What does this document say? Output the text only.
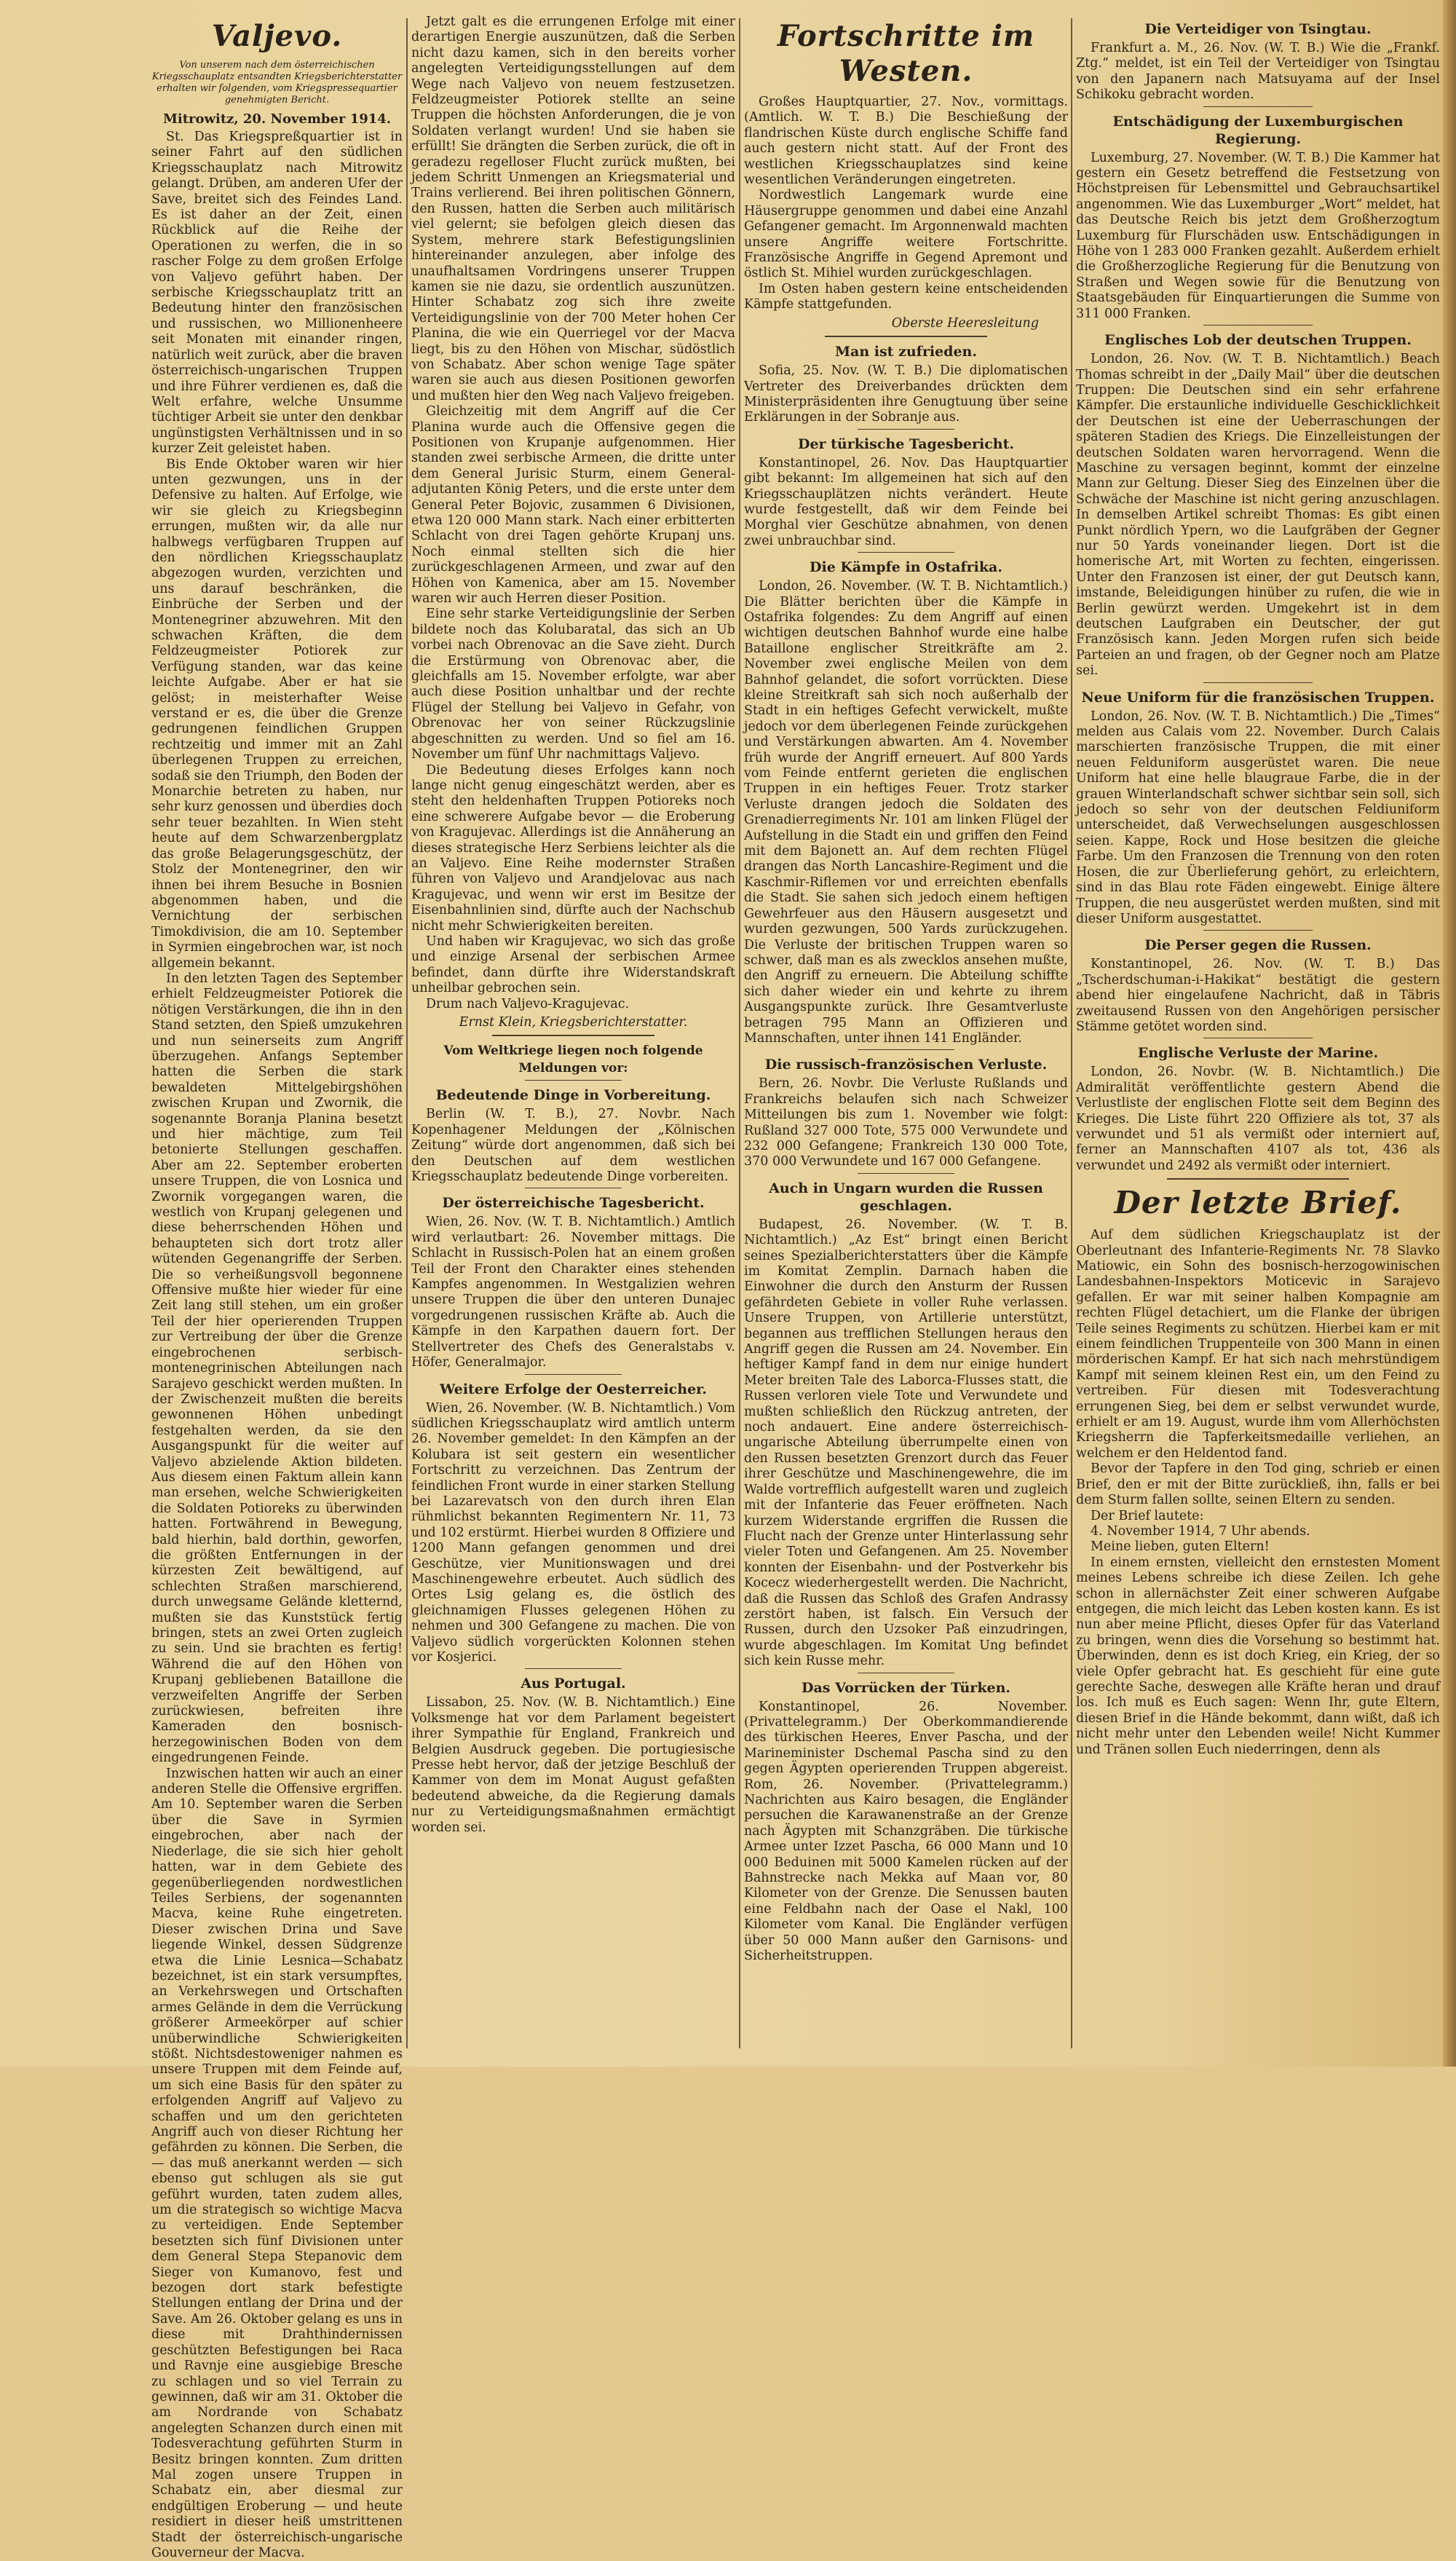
Valjevo.
Von unserem nach dem österreichischen Kriegsschauplatz entsandten Kriegsberichterstatter erhalten wir folgenden, vom Kriegspressequartier genehmigten Bericht.
Mitrowitz, 20. November 1914.

St. Das Kriegspreßquartier ist in seiner Fahrt auf den südlichen Kriegsschauplatz nach Mitrowitz gelangt. Drüben, am anderen Ufer der Save, breitet sich des Feindes Land. Es ist daher an der Zeit, einen Rückblick auf die Reihe der Operationen zu werfen, die in so rascher Folge zu dem großen Erfolge von Valjevo geführt haben. Der serbische Kriegsschauplatz tritt an Bedeutung hinter den französischen und russischen, wo Millionenheere seit Monaten mit einander ringen, natürlich weit zurück, aber die braven österreichisch-ungarischen Truppen und ihre Führer verdienen es, daß die Welt erfahre, welche Unsumme tüchtiger Arbeit sie unter den denkbar ungünstigsten Verhältnissen und in so kurzer Zeit geleistet haben.

Bis Ende Oktober waren wir hier unten gezwungen, uns in der Defensive zu halten. Auf Erfolge, wie wir sie gleich zu Kriegsbeginn errungen, mußten wir, da alle nur halbwegs verfügbaren Truppen auf den nördlichen Kriegsschauplatz abgezogen wurden, verzichten und uns darauf beschränken, die Einbrüche der Serben und der Montenegriner abzuwehren. Mit den schwachen Kräften, die dem Feldzeugmeister Potiorek zur Verfügung standen, war das keine leichte Aufgabe. Aber er hat sie gelöst; in meisterhafter Weise verstand er es, die über die Grenze gedrungenen feindlichen Gruppen rechtzeitig und immer mit an Zahl überlegenen Truppen zu erreichen, sodaß sie den Triumph, den Boden der Monarchie betreten zu haben, nur sehr kurz genossen und überdies doch sehr teuer bezahlten. In Wien steht heute auf dem Schwarzenbergplatz das große Belagerungsgeschütz, der Stolz der Montenegriner, den wir ihnen bei ihrem Besuche in Bosnien abgenommen haben, und die Vernichtung der serbischen Timokdivision, die am 10. September in Syrmien eingebrochen war, ist noch allgemein bekannt.

In den letzten Tagen des September erhielt Feldzeugmeister Potiorek die nötigen Verstärkungen, die ihn in den Stand setzten, den Spieß umzukehren und nun seinerseits zum Angriff überzugehen. Anfangs September hatten die Serben die stark bewaldeten Mittelgebirgshöhen zwischen Krupan und Zwornik, die sogenannte Boranja Planina besetzt und hier mächtige, zum Teil betonierte Stellungen geschaffen. Aber am 22. September eroberten unsere Truppen, die von Losnica und Zwornik vorgegangen waren, die westlich von Krupanj gelegenen und diese beherrschenden Höhen und behaupteten sich dort trotz aller wütenden Gegenangriffe der Serben. Die so verheißungsvoll begonnene Offensive mußte hier wieder für eine Zeit lang still stehen, um ein großer Teil der hier operierenden Truppen zur Vertreibung der über die Grenze eingebrochenen serbisch-montenegrinischen Abteilungen nach Sarajevo geschickt werden mußten. In der Zwischenzeit mußten die bereits gewonnenen Höhen unbedingt festgehalten werden, da sie den Ausgangspunkt für die weiter auf Valjevo abzielende Aktion bildeten. Aus diesem einen Faktum allein kann man ersehen, welche Schwierigkeiten die Soldaten Potioreks zu überwinden hatten. Fortwährend in Bewegung, bald hierhin, bald dorthin, geworfen, die größten Entfernungen in der kürzesten Zeit bewältigend, auf schlechten Straßen marschierend, durch unwegsame Gelände kletternd, mußten sie das Kunststück fertig bringen, stets an zwei Orten zugleich zu sein. Und sie brachten es fertig! Während die auf den Höhen von Krupanj gebliebenen Bataillone die verzweifelten Angriffe der Serben zurückwiesen, befreiten ihre Kameraden den bosnisch-herzegowinischen Boden von dem eingedrungenen Feinde.

Inzwischen hatten wir auch an einer anderen Stelle die Offensive ergriffen. Am 10. September waren die Serben über die Save in Syrmien eingebrochen, aber nach der Niederlage, die sie sich hier geholt hatten, war in dem Gebiete des gegenüberliegenden nordwestlichen Teiles Serbiens, der sogenannten Macva, keine Ruhe eingetreten. Dieser zwischen Drina und Save liegende Winkel, dessen Südgrenze etwa die Linie Lesnica—Schabatz bezeichnet, ist ein stark versumpftes, an Verkehrswegen und Ortschaften armes Gelände in dem die Verrückung größerer Armeekörper auf schier unüberwindliche Schwierigkeiten stößt. Nichtsdestoweniger nahmen es unsere Truppen mit dem Feinde auf, um sich eine Basis für den später zu erfolgenden Angriff auf Valjevo zu schaffen und um den gerichteten Angriff auch von dieser Richtung her gefährden zu können. Die Serben, die — das muß anerkannt werden — sich ebenso gut schlugen als sie gut geführt wurden, taten zudem alles, um die strategisch so wichtige Macva zu verteidigen. Ende September besetzten sich fünf Divisionen unter dem General Stepa Stepanovic dem Sieger von Kumanovo, fest und bezogen dort stark befestigte Stellungen entlang der Drina und der Save. Am 26. Oktober gelang es uns in diese mit Drahthindernissen geschützten Befestigungen bei Raca und Ravnje eine ausgiebige Bresche zu schlagen und so viel Terrain zu gewinnen, daß wir am 31. Oktober die am Nordrande von Schabatz angelegten Schanzen durch einen mit Todesverachtung geführten Sturm in Besitz bringen konnten. Zum dritten Mal zogen unsere Truppen in Schabatz ein, aber diesmal zur endgültigen Eroberung — und heute residiert in dieser heiß umstrittenen Stadt der österreichisch-ungarische Gouverneur der Macva.

Jetzt galt es die errungenen Erfolge mit einer derartigen Energie auszunützen, daß die Serben nicht dazu kamen, sich in den bereits vorher angelegten Verteidigungsstellungen auf dem Wege nach Valjevo von neuem festzusetzen. Feldzeugmeister Potiorek stellte an seine Truppen die höchsten Anforderungen, die je von Soldaten verlangt wurden! Und sie haben sie erfüllt! Sie drängten die Serben zurück, die oft in geradezu regelloser Flucht zurück mußten, bei jedem Schritt Unmengen an Kriegsmaterial und Trains verlierend. Bei ihren politischen Gönnern, den Russen, hatten die Serben auch militärisch viel gelernt; sie befolgen gleich diesen das System, mehrere stark Befestigungslinien hintereinander anzulegen, aber infolge des unaufhaltsamen Vordringens unserer Truppen kamen sie nie dazu, sie ordentlich auszunützen. Hinter Schabatz zog sich ihre zweite Verteidigungslinie von der 700 Meter hohen Cer Planina, die wie ein Querriegel vor der Macva liegt, bis zu den Höhen von Mischar, südöstlich von Schabatz. Aber schon wenige Tage später waren sie auch aus diesen Positionen geworfen und mußten hier den Weg nach Valjevo freigeben.

Gleichzeitig mit dem Angriff auf die Cer Planina wurde auch die Offensive gegen die Positionen von Krupanje aufgenommen. Hier standen zwei serbische Armeen, die dritte unter dem General Jurisic Sturm, einem General-adjutanten König Peters, und die erste unter dem General Peter Bojovic, zusammen 6 Divisionen, etwa 120 000 Mann stark. Nach einer erbitterten Schlacht von drei Tagen gehörte Krupanj uns. Noch einmal stellten sich die hier zurückgeschlagenen Armeen, und zwar auf den Höhen von Kamenica, aber am 15. November waren wir auch Herren dieser Position.

Eine sehr starke Verteidigungslinie der Serben bildete noch das Kolubaratal, das sich an Ub vorbei nach Obrenovac an die Save zieht. Durch die Erstürmung von Obrenovac aber, die gleichfalls am 15. November erfolgte, war aber auch diese Position unhaltbar und der rechte Flügel der Stellung bei Valjevo in Gefahr, von Obrenovac her von seiner Rückzugslinie abgeschnitten zu werden. Und so fiel am 16. November um fünf Uhr nachmittags Valjevo.

Die Bedeutung dieses Erfolges kann noch lange nicht genug eingeschätzt werden, aber es steht den heldenhaften Truppen Potioreks noch eine schwerere Aufgabe bevor — die Eroberung von Kragujevac. Allerdings ist die Annäherung an dieses strategische Herz Serbiens leichter als die an Valjevo. Eine Reihe modernster Straßen führen von Valjevo und Arandjelovac aus nach Kragujevac, und wenn wir erst im Besitze der Eisenbahnlinien sind, dürfte auch der Nachschub nicht mehr Schwierigkeiten bereiten.

Und haben wir Kragujevac, wo sich das große und einzige Arsenal der serbischen Armee befindet, dann dürfte ihre Widerstandskraft unheilbar gebrochen sein.

Drum nach Valjevo-Kragujevac.

Ernst Klein, Kriegsberichterstatter.
Vom Weltkriege liegen noch folgende Meldungen vor:
Bedeutende Dinge in Vorbereitung.

Berlin (W. T. B.), 27. Novbr. Nach Kopenhagener Meldungen der „Kölnischen Zeitung“ würde dort angenommen, daß sich bei den Deutschen auf dem westlichen Kriegsschauplatz bedeutende Dinge vorbereiten.

Der österreichische Tagesbericht.

Wien, 26. Nov. (W. T. B. Nichtamtlich.) Amtlich wird verlautbart: 26. November mittags. Die Schlacht in Russisch-Polen hat an einem großen Teil der Front den Charakter eines stehenden Kampfes angenommen. In Westgalizien wehren unsere Truppen die über den unteren Dunajec vorgedrungenen russischen Kräfte ab. Auch die Kämpfe in den Karpathen dauern fort. Der Stellvertreter des Chefs des Generalstabs v. Höfer, Generalmajor.

Weitere Erfolge der Oesterreicher.

Wien, 26. November. (W. B. Nichtamtlich.) Vom südlichen Kriegsschauplatz wird amtlich unterm 26. November gemeldet: In den Kämpfen an der Kolubara ist seit gestern ein wesentlicher Fortschritt zu verzeichnen. Das Zentrum der feindlichen Front wurde in einer starken Stellung bei Lazarevatsch von den durch ihren Elan rühmlichst bekannten Regimentern Nr. 11, 73 und 102 erstürmt. Hierbei wurden 8 Offiziere und 1200 Mann gefangen genommen und drei Geschütze, vier Munitionswagen und drei Maschinengewehre erbeutet. Auch südlich des Ortes Lsig gelang es, die östlich des gleichnamigen Flusses gelegenen Höhen zu nehmen und 300 Gefangene zu machen. Die von Valjevo südlich vorgerückten Kolonnen stehen vor Kosjerici.

Aus Portugal.

Lissabon, 25. Nov. (W. B. Nichtamtlich.) Eine Volksmenge hat vor dem Parlament begeistert ihrer Sympathie für England, Frankreich und Belgien Ausdruck gegeben. Die portugiesische Presse hebt hervor, daß der jetzige Beschluß der Kammer von dem im Monat August gefaßten bedeutend abweiche, da die Regierung damals nur zu Verteidigungsmaßnahmen ermächtigt worden sei.

Fortschritte im Westen.

Großes Hauptquartier, 27. Nov., vormittags. (Amtlich. W. T. B.) Die Beschießung der flandrischen Küste durch englische Schiffe fand auch gestern nicht statt. Auf der Front des westlichen Kriegsschauplatzes sind keine wesentlichen Veränderungen eingetreten.

Nordwestlich Langemark wurde eine Häusergruppe genommen und dabei eine Anzahl Gefangener gemacht. Im Argonnenwald machten unsere Angriffe weitere Fortschritte. Französische Angriffe in Gegend Apremont und östlich St. Mihiel wurden zurückgeschlagen.

Im Osten haben gestern keine entscheidenden Kämpfe stattgefunden.

Oberste Heeresleitung
Man ist zufrieden.

Sofia, 25. Nov. (W. T. B.) Die diplomatischen Vertreter des Dreiverbandes drückten dem Ministerpräsidenten ihre Genugtuung über seine Erklärungen in der Sobranje aus.

Der türkische Tagesbericht.

Konstantinopel, 26. Nov. Das Hauptquartier gibt bekannt: Im allgemeinen hat sich auf den Kriegsschauplätzen nichts verändert. Heute wurde festgestellt, daß wir dem Feinde bei Morghal vier Geschütze abnahmen, von denen zwei unbrauchbar sind.

Die Kämpfe in Ostafrika.

London, 26. November. (W. T. B. Nichtamtlich.) Die Blätter berichten über die Kämpfe in Ostafrika folgendes: Zu dem Angriff auf einen wichtigen deutschen Bahnhof wurde eine halbe Bataillone englischer Streitkräfte am 2. November zwei englische Meilen von dem Bahnhof gelandet, die sofort vorrückten. Diese kleine Streitkraft sah sich noch außerhalb der Stadt in ein heftiges Gefecht verwickelt, mußte jedoch vor dem überlegenen Feinde zurückgehen und Verstärkungen abwarten. Am 4. November früh wurde der Angriff erneuert. Auf 800 Yards vom Feinde entfernt gerieten die englischen Truppen in ein heftiges Feuer. Trotz starker Verluste drangen jedoch die Soldaten des Grenadierregiments Nr. 101 am linken Flügel der Aufstellung in die Stadt ein und griffen den Feind mit dem Bajonett an. Auf dem rechten Flügel drangen das North Lancashire-Regiment und die Kaschmir-Riflemen vor und erreichten ebenfalls die Stadt. Sie sahen sich jedoch einem heftigen Gewehrfeuer aus den Häusern ausgesetzt und wurden gezwungen, 500 Yards zurückzugehen. Die Verluste der britischen Truppen waren so schwer, daß man es als zwecklos ansehen mußte, den Angriff zu erneuern. Die Abteilung schiffte sich daher wieder ein und kehrte zu ihrem Ausgangspunkte zurück. Ihre Gesamtverluste betragen 795 Mann an Offizieren und Mannschaften, unter ihnen 141 Engländer.

Die russisch-französischen Verluste.

Bern, 26. Novbr. Die Verluste Rußlands und Frankreichs belaufen sich nach Schweizer Mitteilungen bis zum 1. November wie folgt: Rußland 327 000 Tote, 575 000 Verwundete und 232 000 Gefangene; Frankreich 130 000 Tote, 370 000 Verwundete und 167 000 Gefangene.

Auch in Ungarn wurden die Russen geschlagen.

Budapest, 26. November. (W. T. B. Nichtamtlich.) „Az Est“ bringt einen Bericht seines Spezialberichterstatters über die Kämpfe im Komitat Zemplin. Darnach haben die Einwohner die durch den Ansturm der Russen gefährdeten Gebiete in voller Ruhe verlassen. Unsere Truppen, von Artillerie unterstützt, begannen aus trefflichen Stellungen heraus den Angriff gegen die Russen am 24. November. Ein heftiger Kampf fand in dem nur einige hundert Meter breiten Tale des Laborca-Flusses statt, die Russen verloren viele Tote und Verwundete und mußten schließlich den Rückzug antreten, der noch andauert. Eine andere österreichisch-ungarische Abteilung überrumpelte einen von den Russen besetzten Grenzort durch das Feuer ihrer Geschütze und Maschinengewehre, die im Walde vortrefflich aufgestellt waren und zugleich mit der Infanterie das Feuer eröffneten. Nach kurzem Widerstande ergriffen die Russen die Flucht nach der Grenze unter Hinterlassung sehr vieler Toten und Gefangenen. Am 25. November konnten der Eisenbahn- und der Postverkehr bis Kocecz wiederhergestellt werden. Die Nachricht, daß die Russen das Schloß des Grafen Andrassy zerstört haben, ist falsch. Ein Versuch der Russen, durch den Uzsoker Paß einzudringen, wurde abgeschlagen. Im Komitat Ung befindet sich kein Russe mehr.

Das Vorrücken der Türken.

Konstantinopel, 26. November. (Privattelegramm.) Der Oberkommandierende des türkischen Heeres, Enver Pascha, und der Marineminister Dschemal Pascha sind zu den gegen Ägypten operierenden Truppen abgereist. Rom, 26. November. (Privattelegramm.) Nachrichten aus Kairo besagen, die Engländer persuchen die Karawanenstraße an der Grenze nach Ägypten mit Schanzgräben. Die türkische Armee unter Izzet Pascha, 66 000 Mann und 10 000 Beduinen mit 5000 Kamelen rücken auf der Bahnstrecke nach Mekka auf Maan vor, 80 Kilometer von der Grenze. Die Senussen bauten eine Feldbahn nach der Oase el Nakl, 100 Kilometer vom Kanal. Die Engländer verfügen über 50 000 Mann außer den Garnisons- und Sicherheitstruppen.

Die Verteidiger von Tsingtau.

Frankfurt a. M., 26. Nov. (W. T. B.) Wie die „Frankf. Ztg.“ meldet, ist ein Teil der Verteidiger von Tsingtau von den Japanern nach Matsuyama auf der Insel Schikoku gebracht worden.

Entschädigung der Luxemburgischen Regierung.

Luxemburg, 27. November. (W. T. B.) Die Kammer hat gestern ein Gesetz betreffend die Festsetzung von Höchstpreisen für Lebensmittel und Gebrauchsartikel angenommen. Wie das Luxemburger „Wort“ meldet, hat das Deutsche Reich bis jetzt dem Großherzogtum Luxemburg für Flurschäden usw. Entschädigungen in Höhe von 1 283 000 Franken gezahlt. Außerdem erhielt die Großherzogliche Regierung für die Benutzung von Straßen und Wegen sowie für die Benutzung von Staatsgebäuden für Einquartierungen die Summe von 311 000 Franken.

Englisches Lob der deutschen Truppen.

London, 26. Nov. (W. T. B. Nichtamtlich.) Beach Thomas schreibt in der „Daily Mail“ über die deutschen Truppen: Die Deutschen sind ein sehr erfahrene Kämpfer. Die erstaunliche individuelle Geschicklichkeit der Deutschen ist eine der Ueberraschungen der späteren Stadien des Kriegs. Die Einzelleistungen der deutschen Soldaten waren hervorragend. Wenn die Maschine zu versagen beginnt, kommt der einzelne Mann zur Geltung. Dieser Sieg des Einzelnen über die Schwäche der Maschine ist nicht gering anzuschlagen. In demselben Artikel schreibt Thomas: Es gibt einen Punkt nördlich Ypern, wo die Laufgräben der Gegner nur 50 Yards voneinander liegen. Dort ist die homerische Art, mit Worten zu fechten, eingerissen. Unter den Franzosen ist einer, der gut Deutsch kann, imstande, Beleidigungen hinüber zu rufen, die wie in Berlin gewürzt werden. Umgekehrt ist in dem deutschen Laufgraben ein Deutscher, der gut Französisch kann. Jeden Morgen rufen sich beide Parteien an und fragen, ob der Gegner noch am Platze sei.

Neue Uniform für die französischen Truppen.

London, 26. Nov. (W. T. B. Nichtamtlich.) Die „Times“ melden aus Calais vom 22. November. Durch Calais marschierten französische Truppen, die mit einer neuen Felduniform ausgerüstet waren. Die neue Uniform hat eine helle blaugraue Farbe, die in der grauen Winterlandschaft schwer sichtbar sein soll, sich jedoch so sehr von der deutschen Feldiuniform unterscheidet, daß Verwechselungen ausgeschlossen seien. Kappe, Rock und Hose besitzen die gleiche Farbe. Um den Franzosen die Trennung von den roten Hosen, die zur Überlieferung gehört, zu erleichtern, sind in das Blau rote Fäden eingewebt. Einige ältere Truppen, die neu ausgerüstet werden mußten, sind mit dieser Uniform ausgestattet.

Die Perser gegen die Russen.

Konstantinopel, 26. Nov. (W. T. B.) Das „Tscherdschuman-i-Hakikat“ bestätigt die gestern abend hier eingelaufene Nachricht, daß in Täbris zweitausend Russen von den Angehörigen persischer Stämme getötet worden sind.

Englische Verluste der Marine.

London, 26. Novbr. (W. B. Nichtamtlich.) Die Admiralität veröffentlichte gestern Abend die Verlustliste der englischen Flotte seit dem Beginn des Krieges. Die Liste führt 220 Offiziere als tot, 37 als verwundet und 51 als vermißt oder interniert auf, ferner an Mannschaften 4107 als tot, 436 als verwundet und 2492 als vermißt oder interniert.

Der letzte Brief.

Auf dem südlichen Kriegschauplatz ist der Oberleutnant des Infanterie-Regiments Nr. 78 Slavko Matiowic, ein Sohn des bosnisch-herzogowinischen Landesbahnen-Inspektors Moticevic in Sarajevo gefallen. Er war mit seiner halben Kompagnie am rechten Flügel detachiert, um die Flanke der übrigen Teile seines Regiments zu schützen. Hierbei kam er mit einem feindlichen Truppenteile von 300 Mann in einen mörderischen Kampf. Er hat sich nach mehrstündigem Kampf mit seinem kleinen Rest ein, um den Feind zu vertreiben. Für diesen mit Todesverachtung errungenen Sieg, bei dem er selbst verwundet wurde, erhielt er am 19. August, wurde ihm vom Allerhöchsten Kriegsherrn die Tapferkeitsmedaille verliehen, an welchem er den Heldentod fand.

Bevor der Tapfere in den Tod ging, schrieb er einen Brief, den er mit der Bitte zurückließ, ihn, falls er bei dem Sturm fallen sollte, seinen Eltern zu senden.

Der Brief lautete:

4. November 1914, 7 Uhr abends.

Meine lieben, guten Eltern!

In einem ernsten, vielleicht den ernstesten Moment meines Lebens schreibe ich diese Zeilen. Ich gehe schon in allernächster Zeit einer schweren Aufgabe entgegen, die mich leicht das Leben kosten kann. Es ist nun aber meine Pflicht, dieses Opfer für das Vaterland zu bringen, wenn dies die Vorsehung so bestimmt hat. Überwinden, denn es ist doch Krieg, ein Krieg, der so viele Opfer gebracht hat. Es geschieht für eine gute gerechte Sache, deswegen alle Kräfte heran und drauf los. Ich muß es Euch sagen: Wenn Ihr, gute Eltern, diesen Brief in die Hände bekommt, dann wißt, daß ich nicht mehr unter den Lebenden weile! Nicht Kummer und Tränen sollen Euch niederringen, denn als
